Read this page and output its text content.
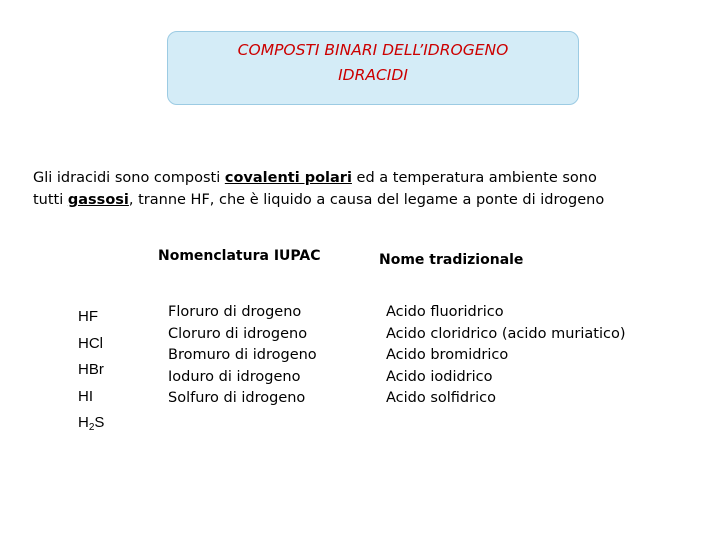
COMPOSTI BINARI DELL’IDROGENO
IDRACIDI
Gli idracidi sono composti covalenti polari ed a temperatura ambiente sono
tutti gassosi, tranne HF, che è liquido a causa del legame a ponte di idrogeno
Nomenclatura IUPAC	Nome tradizionale
HF
HCl
HBr
HI
$H_2S$
Floruro di drogeno
Cloruro di idrogeno
Bromuro di idrogeno
Ioduro di idrogeno
Solfuro di idrogeno
Acido fluoridrico
Acido cloridrico (acido muriatico)
Acido bromidrico
Acido iodidrico
Acido solfidrico
